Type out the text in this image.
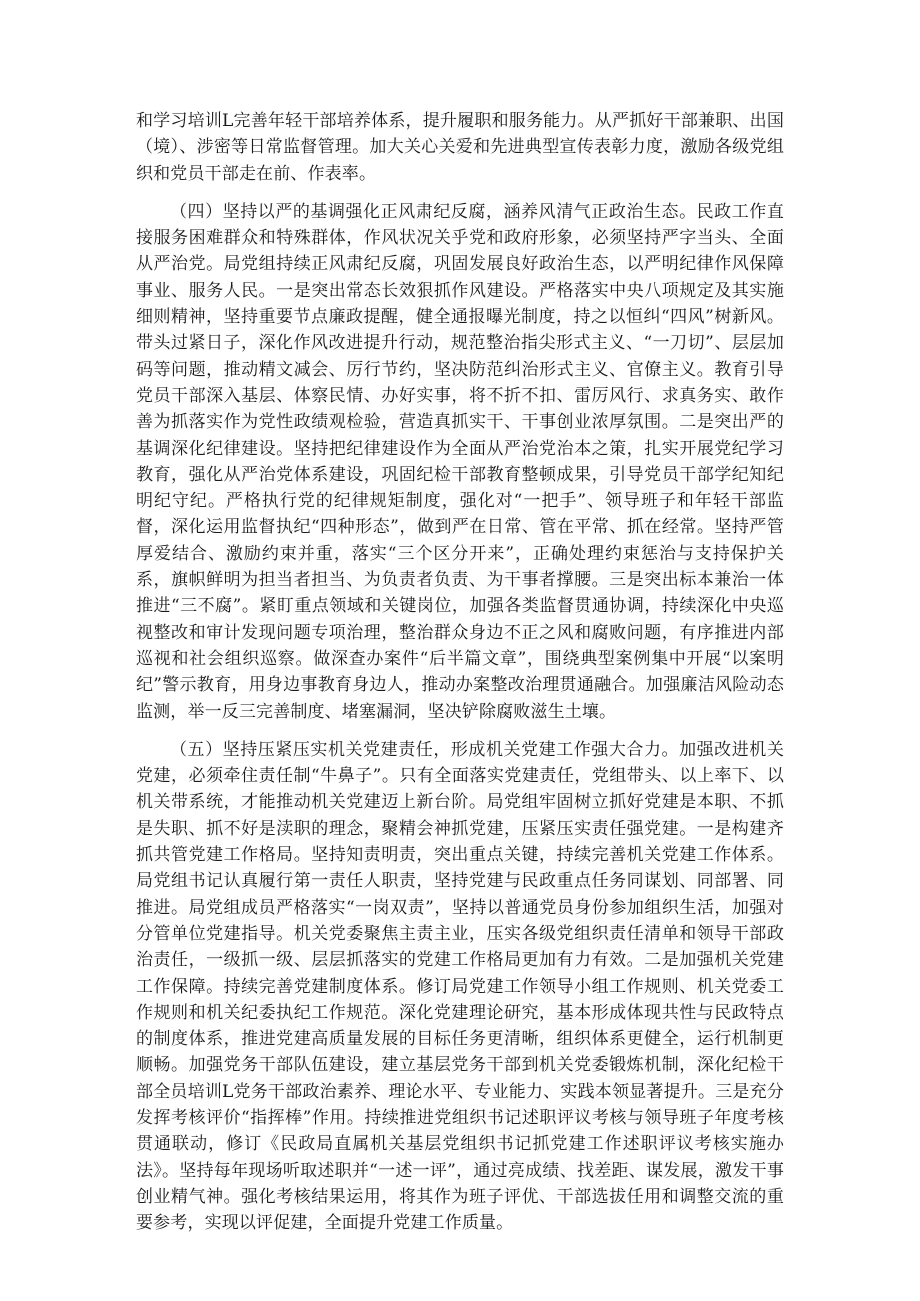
和学习培训L完善年轻干部培养体系，提升履职和服务能力。从严抓好干部兼职、出国（境）、涉密等日常监督管理。加大关心关爱和先进典型宣传表彰力度，激励各级党组织和党员干部走在前、作表率。

（四）坚持以严的基调强化正风肃纪反腐，涵养风清气正政治生态。民政工作直接服务困难群众和特殊群体，作风状况关乎党和政府形象，必须坚持严字当头、全面从严治党。局党组持续正风肃纪反腐，巩固发展良好政治生态，以严明纪律作风保障事业、服务人民。一是突出常态长效狠抓作风建设。严格落实中央八项规定及其实施细则精神，坚持重要节点廉政提醒，健全通报曝光制度，持之以恒纠“四风”树新风。带头过紧日子，深化作风改进提升行动，规范整治指尖形式主义、“一刀切”、层层加码等问题，推动精文减会、厉行节约，坚决防范纠治形式主义、官僚主义。教育引导党员干部深入基层、体察民情、办好实事，将不折不扣、雷厉风行、求真务实、敢作善为抓落实作为党性政绩观检验，营造真抓实干、干事创业浓厚氛围。二是突出严的基调深化纪律建设。坚持把纪律建设作为全面从严治党治本之策，扎实开展党纪学习教育，强化从严治党体系建设，巩固纪检干部教育整顿成果，引导党员干部学纪知纪明纪守纪。严格执行党的纪律规矩制度，强化对“一把手”、领导班子和年轻干部监督，深化运用监督执纪“四种形态”，做到严在日常、管在平常、抓在经常。坚持严管厚爱结合、激励约束并重，落实“三个区分开来”，正确处理约束惩治与支持保护关系，旗帜鲜明为担当者担当、为负责者负责、为干事者撑腰。三是突出标本兼治一体推进“三不腐”。紧盯重点领域和关键岗位，加强各类监督贯通协调，持续深化中央巡视整改和审计发现问题专项治理，整治群众身边不正之风和腐败问题，有序推进内部巡视和社会组织巡察。做深查办案件“后半篇文章”，围绕典型案例集中开展“以案明纪”警示教育，用身边事教育身边人，推动办案整改治理贯通融合。加强廉洁风险动态监测，举一反三完善制度、堵塞漏洞，坚决铲除腐败滋生土壤。

（五）坚持压紧压实机关党建责任，形成机关党建工作强大合力。加强改进机关党建，必须牵住责任制“牛鼻子”。只有全面落实党建责任，党组带头、以上率下、以机关带系统，才能推动机关党建迈上新台阶。局党组牢固树立抓好党建是本职、不抓是失职、抓不好是渎职的理念，聚精会神抓党建，压紧压实责任强党建。一是构建齐抓共管党建工作格局。坚持知责明责，突出重点关键，持续完善机关党建工作体系。局党组书记认真履行第一责任人职责，坚持党建与民政重点任务同谋划、同部署、同推进。局党组成员严格落实“一岗双责”，坚持以普通党员身份参加组织生活，加强对分管单位党建指导。机关党委聚焦主责主业，压实各级党组织责任清单和领导干部政治责任，一级抓一级、层层抓落实的党建工作格局更加有力有效。二是加强机关党建工作保障。持续完善党建制度体系。修订局党建工作领导小组工作规则、机关党委工作规则和机关纪委执纪工作规范。深化党建理论研究，基本形成体现共性与民政特点的制度体系，推进党建高质量发展的目标任务更清晰，组织体系更健全，运行机制更顺畅。加强党务干部队伍建设，建立基层党务干部到机关党委锻炼机制，深化纪检干部全员培训L党务干部政治素养、理论水平、专业能力、实践本领显著提升。三是充分发挥考核评价“指挥棒”作用。持续推进党组织书记述职评议考核与领导班子年度考核贯通联动，修订《民政局直属机关基层党组织书记抓党建工作述职评议考核实施办法》。坚持每年现场听取述职并“一述一评”，通过亮成绩、找差距、谋发展，激发干事创业精气神。强化考核结果运用，将其作为班子评优、干部选拔任用和调整交流的重要参考，实现以评促建，全面提升党建工作质量。
